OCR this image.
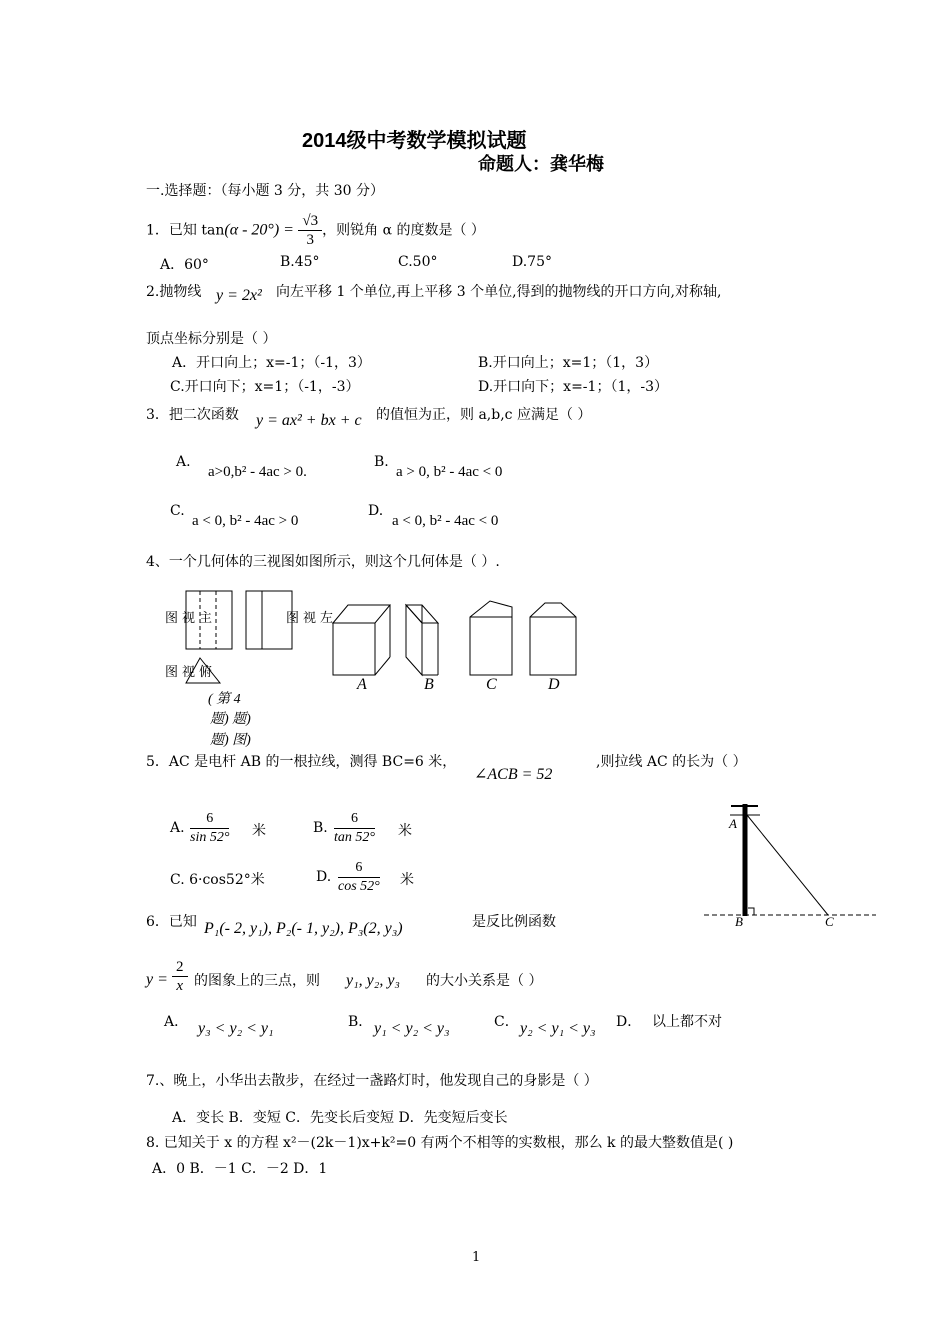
2014级中考数学模拟试题
命题人：龚华梅
一.选择题：（每小题 3 分，共 30 分）
1．已知 $\tan(\alpha - 20^\circ) = \frac{√3}{3}$ ，则锐角 α 的度数是（ ）
A．60°	B.45°	C.50°	D.75°
2.抛物线 y = 2x² 向左平移 1 个单位,再上平移 3 个单位,得到的抛物线的开口方向,对称轴,
顶点坐标分别是（ ）
A．开口向上；x=-1；（-1，3）	B.开口向上；x=1；（1，3）
C.开口向下；x=1；（-1，-3）	D.开口向下；x=-1；（1，-3）
3．把二次函数 y = ax² + bx + c 的值恒为正，则 a,b,c 应满足（ ）
A.
a>0,b² - 4ac > 0.
B.
a > 0, b² - 4ac < 0
C.
a < 0, b² - 4ac > 0
D.
a < 0, b² - 4ac < 0
4、一个几何体的三视图如图所示，则这个几何体是（ ）.
图视主	图视左
图视俯
( 第 4
题) 题)
题) 图)
A	B	C	D
5．AC 是电杆 AB 的一根拉线，测得 BC=6 米，
∠ACB = 52
,则拉线 AC 的长为（ ）
A. $\frac{6}{\sin 52^\circ}$ 米	B. $\frac{6}{\tan 52^\circ}$ 米
C. 6·cos52°米	D. $\frac{6}{\cos 52^\circ}$ 米
A
B	C
6．已知 P₁(- 2, y₁), P₂(- 1, y₂), P₃(2, y₃)	是反比例函数
$y = \frac{2}{x}$ 的图象上的三点，则 y₁, y₂, y₃ 的大小关系是（ ）
A． y₃ < y₂ < y₁	B． y₁ < y₂ < y₃	C． y₂ < y₁ < y₃ D． 以上都不对
7.、晚上，小华出去散步，在经过一盏路灯时，他发现自己的身影是（ ）
A．变长 B．变短 C．先变长后变短 D．先变短后变长
8. 已知关于 x 的方程 x²－(2k－1)x+k²=0 有两个不相等的实数根，那么 k 的最大整数值是( )
A．0 B．－1 C．－2 D．1
1
